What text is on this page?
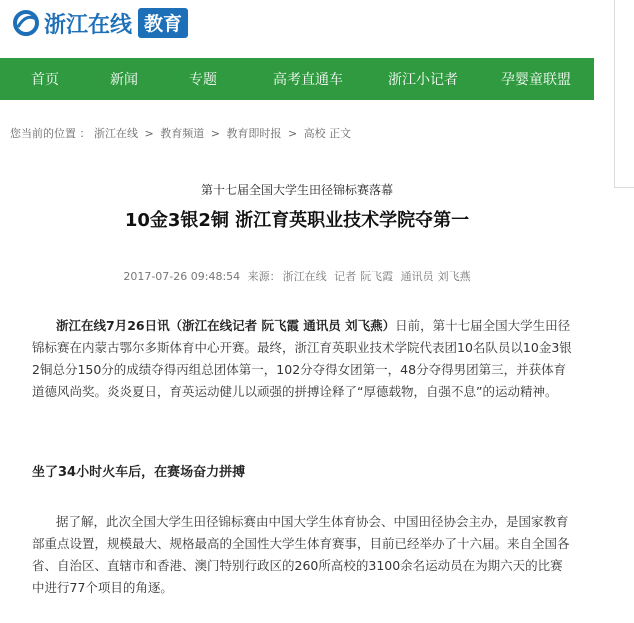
浙江在线 教育
首页	新闻	专题	高考直通车	浙江小记者	孕婴童联盟
您当前的位置 ： 浙江在线 > 教育频道 > 教育即时报 > 高校 正文
第十七届全国大学生田径锦标赛落幕
10金3银2铜 浙江育英职业技术学院夺第一
2017-07-26 09:48:54 来源： 浙江在线 记者 阮飞霞 通讯员 刘飞燕
浙江在线7月26日讯（浙江在线记者 阮飞霞 通讯员 刘飞燕）日前，第十七届全国大学生田径锦标赛在内蒙古鄂尔多斯体育中心开赛。最终，浙江育英职业技术学院代表团10名队员以10金3银2铜总分150分的成绩夺得丙组总团体第一，102分夺得女团第一，48分夺得男团第三，并获体育道德风尚奖。炎炎夏日，育英运动健儿以顽强的拼搏诠释了“厚德载物，自强不息”的运动精神。
坐了34小时火车后，在赛场奋力拼搏
据了解，此次全国大学生田径锦标赛由中国大学生体育协会、中国田径协会主办，是国家教育部重点设置，规模最大、规格最高的全国性大学生体育赛事，目前已经举办了十六届。来自全国各省、自治区、直辖市和香港、澳门特别行政区的260所高校的3100余名运动员在为期六天的比赛中进行77个项目的角逐。
